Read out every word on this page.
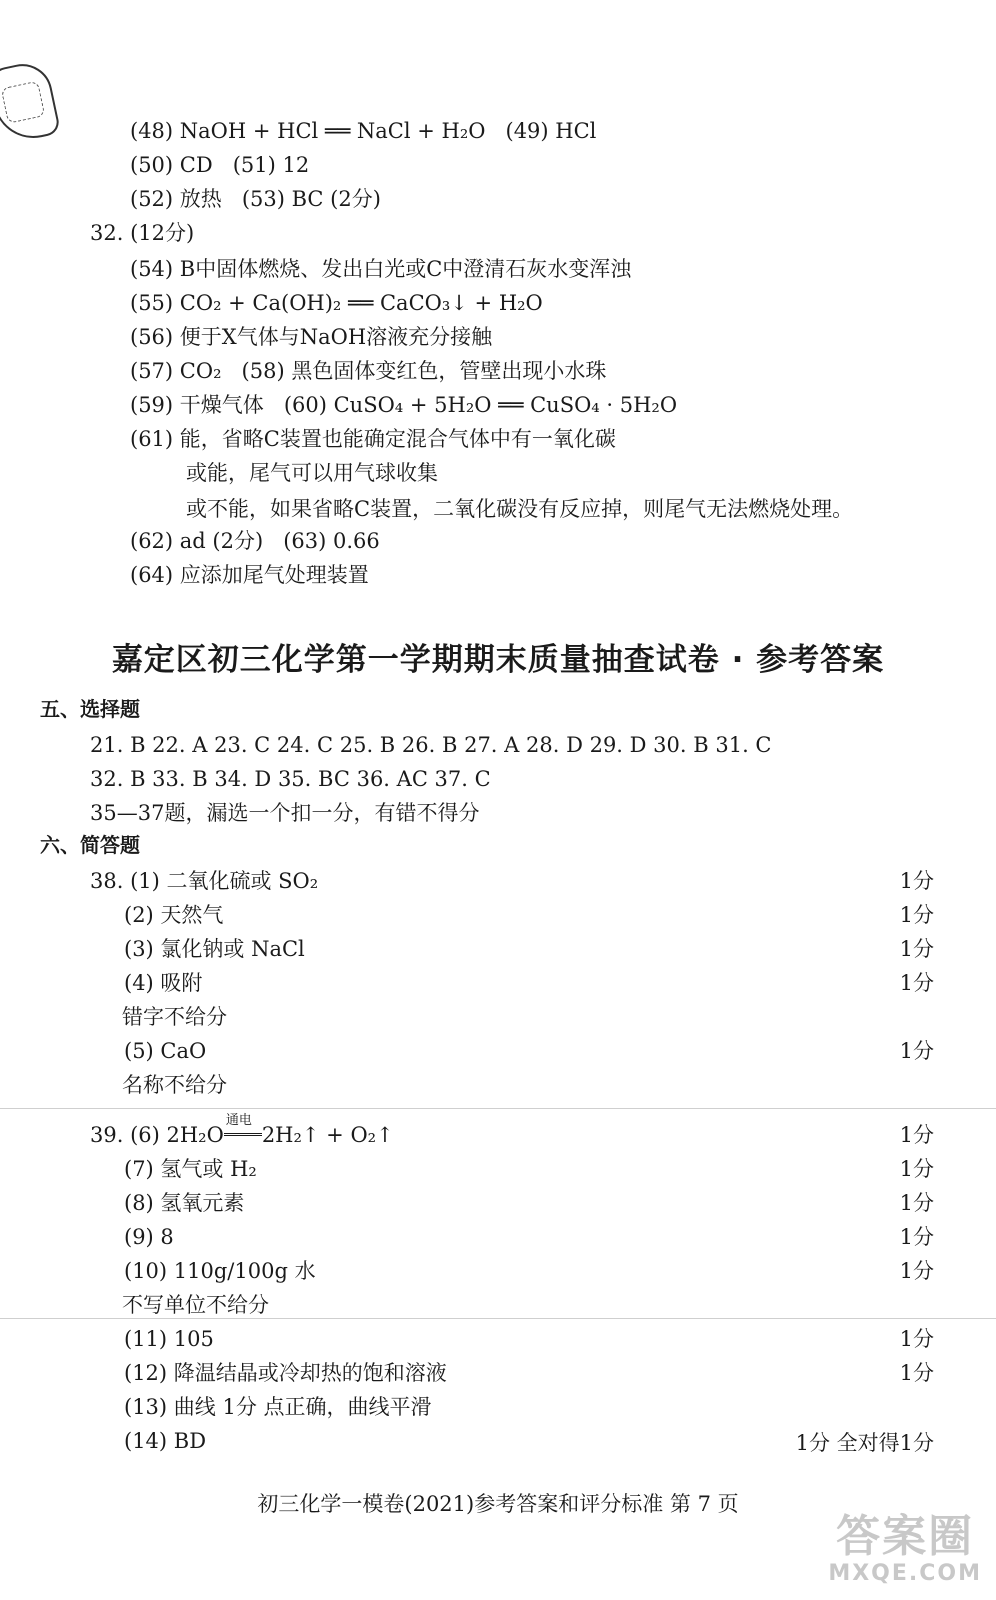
(48) NaOH + HCl ══ NaCl + H₂O (49) HCl
(50) CD (51) 12
(52) 放热 (53) BC (2分)
32. (12分)
(54) B中固体燃烧、发出白光或C中澄清石灰水变浑浊
(55) CO₂ + Ca(OH)₂ ══ CaCO₃↓ + H₂O
(56) 便于X气体与NaOH溶液充分接触
(57) CO₂ (58) 黑色固体变红色，管壁出现小水珠
(59) 干燥气体 (60) CuSO₄ + 5H₂O ══ CuSO₄ · 5H₂O
(61) 能，省略C装置也能确定混合气体中有一氧化碳
或能，尾气可以用气球收集
或不能，如果省略C装置，二氧化碳没有反应掉，则尾气无法燃烧处理。
(62) ad (2分) (63) 0.66
(64) 应添加尾气处理装置
嘉定区初三化学第一学期期末质量抽查试卷 · 参考答案
五、选择题
21. B 22. A 23. C 24. C 25. B 26. B 27. A 28. D 29. D 30. B 31. C
32. B 33. B 34. D 35. BC 36. AC 37. C
35—37题，漏选一个扣一分，有错不得分
六、简答题
38. (1) 二氧化硫或 SO₂	1分
(2) 天然气	1分
(3) 氯化钠或 NaCl	1分
(4) 吸附	1分
错字不给分
(5) CaO	1分
名称不给分
39. (6) 2H₂O
通电
2H₂↑ + O₂↑	1分
(7) 氢气或 H₂	1分
(8) 氢氧元素	1分
(9) 8	1分
(10) 110g/100g 水	1分
不写单位不给分
(11) 105	1分
(12) 降温结晶或冷却热的饱和溶液	1分
(13) 曲线 1分 点正确，曲线平滑
(14) BD	1分 全对得1分
初三化学一模卷(2021)参考答案和评分标准 第 7 页
答案圈
MXQE.COM
